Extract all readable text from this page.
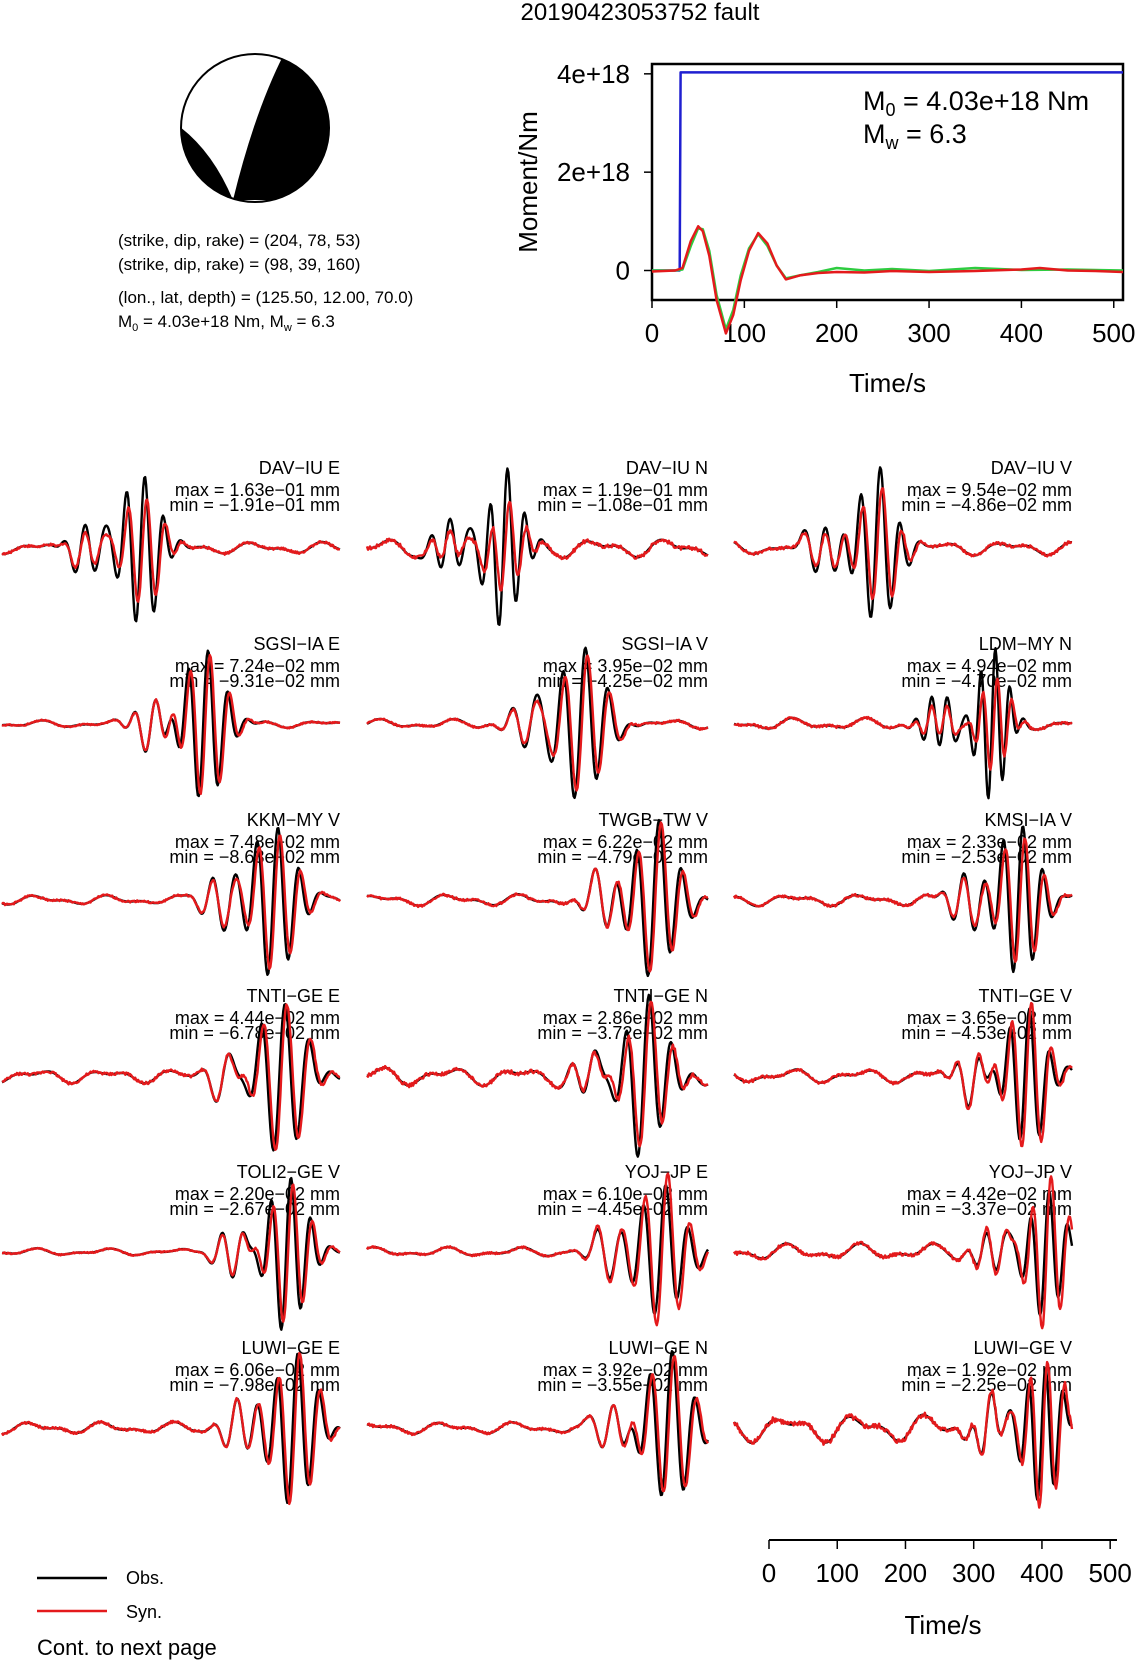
20190423053752 fault
(strike, dip, rake) = (204, 78, 53)
(strike, dip, rake) = (98, 39, 160)
(lon., lat, depth) = (125.50, 12.00, 70.0)
$M_0 = 4.03e+18$ Nm, $M_w = 6.3$	0 100 200 300 400 500
0
2e+18
4e+18
Time/s
Moment/Nm
$M_0 = 4.03e+18$ Nm
$M_w = 6.3$
DAV−IU E
max = 1.63e−01 mm
min = −1.91e−01 mm
DAV−IU N
max = 1.19e−01 mm
min = −1.08e−01 mm
DAV−IU V
max = 9.54e−02 mm
min = −4.86e−02 mm
SGSI−IA E
max = 7.24e−02 mm
min = −9.31e−02 mm
SGSI−IA V
max = 3.95e−02 mm
min = −4.25e−02 mm
LDM−MY N
max = 4.94e−02 mm
min = −4.70e−02 mm
KKM−MY V
max = 7.48e−02 mm
min = −8.63e−02 mm
TWGB−TW V
max = 6.22e−02 mm
min = −4.79e−02 mm
KMSI−IA V
max = 2.33e−02 mm
min = −2.53e−02 mm
TNTI−GE E
max = 4.44e−02 mm
min = −6.78e−02 mm
TNTI−GE N
max = 2.86e−02 mm
min = −3.72e−02 mm
TNTI−GE V
max = 3.65e−02 mm
min = −4.53e−02 mm
TOLI2−GE V
max = 2.20e−02 mm
min = −2.67e−02 mm
YOJ−JP E
max = 6.10e−02 mm
min = −4.45e−02 mm
YOJ−JP V
max = 4.42e−02 mm
min = −3.37e−02 mm
LUWI−GE E
max = 6.06e−02 mm
min = −7.98e−02 mm
LUWI−GE N
max = 3.92e−02 mm
min = −3.55e−02 mm
LUWI−GE V
max = 1.92e−02 mm
min = −2.25e−02 mm
0 100 200 300 400 500
Time/s
Obs.
Syn.
Cont. to next page
